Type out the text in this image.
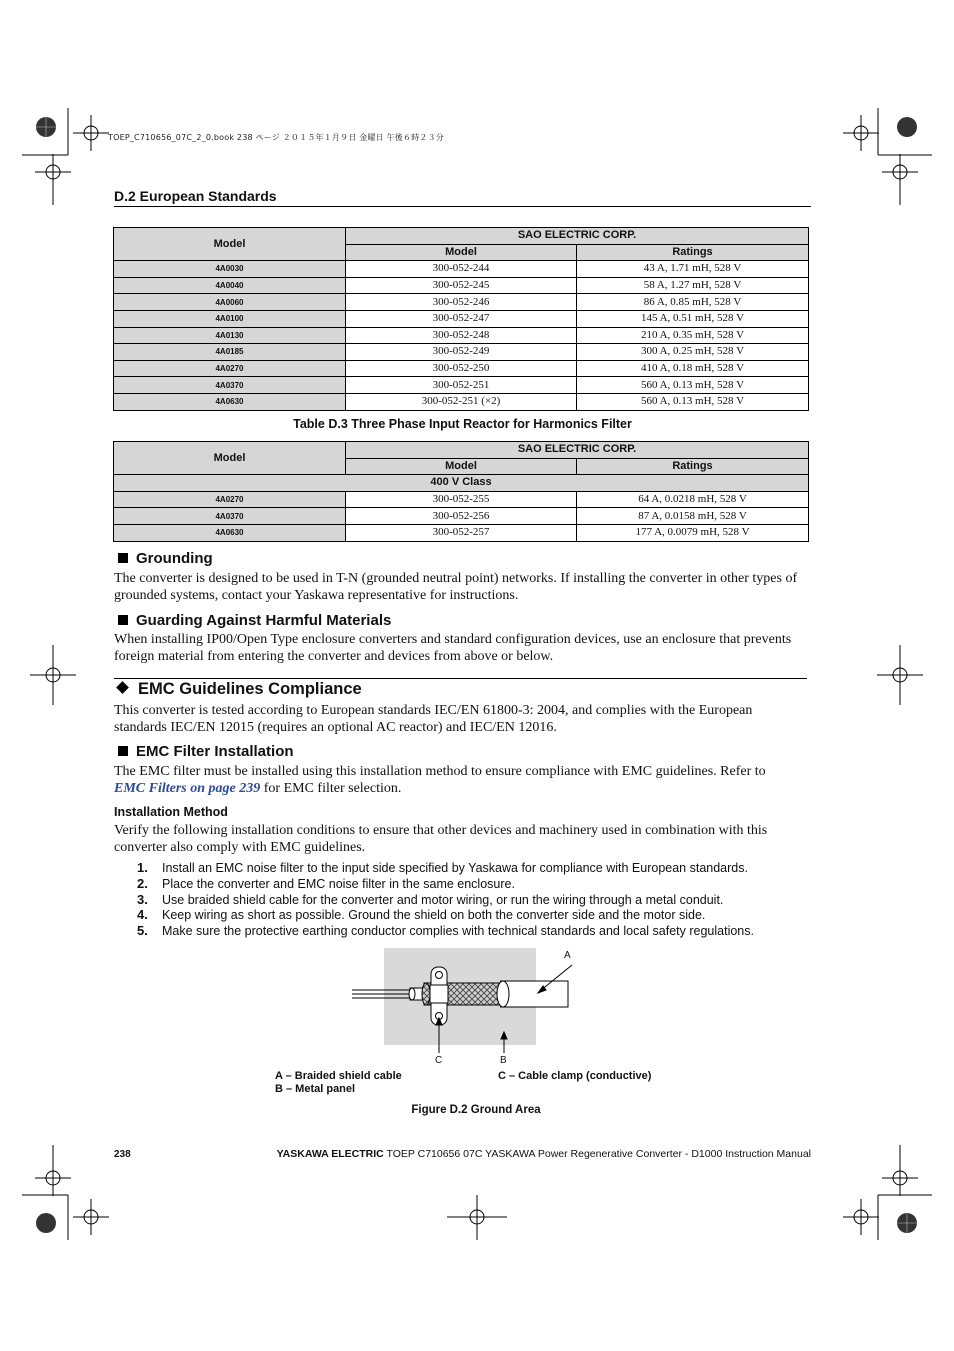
TOEP_C710656_07C_2_0.book 238 ページ ２０１５年１月９日 金曜日 午後６時２３分
D.2 European Standards
Model	SAO ELECTRIC CORP.	
	Model	Ratings
4A0030	300-052-244	43 A, 1.71 mH, 528 V
4A0040	300-052-245	58 A, 1.27 mH, 528 V
4A0060	300-052-246	86 A, 0.85 mH, 528 V
4A0100	300-052-247	145 A, 0.51 mH, 528 V
4A0130	300-052-248	210 A, 0.35 mH, 528 V
4A0185	300-052-249	300 A, 0.25 mH, 528 V
4A0270	300-052-250	410 A, 0.18 mH, 528 V
4A0370	300-052-251	560 A, 0.13 mH, 528 V
4A0630	300-052-251 (×2)	560 A, 0.13 mH, 528 V
Table D.3 Three Phase Input Reactor for Harmonics Filter
Model	SAO ELECTRIC CORP.	
	Model	Ratings
400 V Class		
4A0270	300-052-255	64 A, 0.0218 mH, 528 V
4A0370	300-052-256	87 A, 0.0158 mH, 528 V
4A0630	300-052-257	177 A, 0.0079 mH, 528 V
Grounding
The converter is designed to be used in T-N (grounded neutral point) networks. If installing the converter in other types of
grounded systems, contact your Yaskawa representative for instructions.
Guarding Against Harmful Materials
When installing IP00/Open Type enclosure converters and standard configuration devices, use an enclosure that prevents
foreign material from entering the converter and devices from above or below.
EMC Guidelines Compliance
This converter is tested according to European standards IEC/EN 61800-3: 2004, and complies with the European
standards IEC/EN 12015 (requires an optional AC reactor) and IEC/EN 12016.
EMC Filter Installation
The EMC filter must be installed using this installation method to ensure compliance with EMC guidelines. Refer to
EMC Filters on page 239 for EMC filter selection.
Installation Method
Verify the following installation conditions to ensure that other devices and machinery used in combination with this
converter also comply with EMC guidelines.
1. Install an EMC noise filter to the input side specified by Yaskawa for compliance with European standards.
2. Place the converter and EMC noise filter in the same enclosure.
3. Use braided shield cable for the converter and motor wiring, or run the wiring through a metal conduit.
4. Keep wiring as short as possible. Ground the shield on both the converter side and the motor side.
5. Make sure the protective earthing conductor complies with technical standards and local safety regulations.
A
C	B
A – Braided shield cable
B – Metal panel
C – Cable clamp (conductive)
Figure D.2 Ground Area
238	YASKAWA ELECTRIC TOEP C710656 07C YASKAWA Power Regenerative Converter - D1000 Instruction Manual
